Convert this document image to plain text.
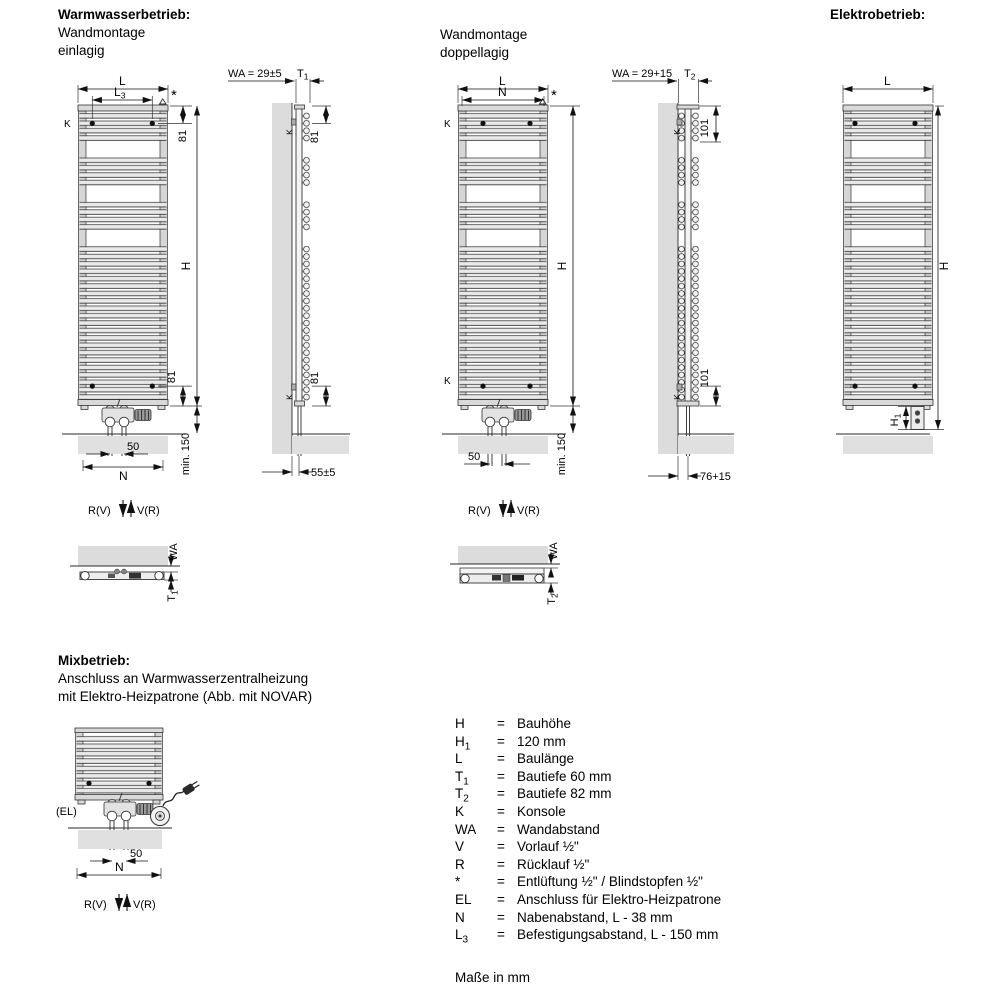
L
$L_3$	*
K
81
81
H
min. 150
50
N
R(V) V(R)
WA
$T_1$
K
K
WA = 29±5 $T_1$
81
81
55±5
L
N	*
K
K
H
min. 150
50
R(V) V(R)
WA
$T_2$
K
K
WA = 29+15 $T_2$
101
101
76+15
L
$H_1$
H
(EL)
50
N
R(V) V(R)
Warmwasserbetrieb:
Wandmontage
einlagig
Wandmontage
doppellagig
Elektrobetrieb:
Mixbetrieb:
Anschluss an Warmwasserzentralheizung
mit Elektro-Heizpatrone (Abb. mit NOVAR)
H	= Bauhöhe
$H_1$	= 120 mm
L	= Baulänge
$T_1$	= Bautiefe 60 mm
$T_2$	= Bautiefe 82 mm
K	= Konsole
WA	= Wandabstand
V	= Vorlauf ½"
R	= Rücklauf ½"
*	= Entlüftung ½" / Blindstopfen ½"
EL	= Anschluss für Elektro-Heizpatrone
N	= Nabenabstand, L - 38 mm
$L_3$	= Befestigungsabstand, L - 150 mm
Maße in mm
